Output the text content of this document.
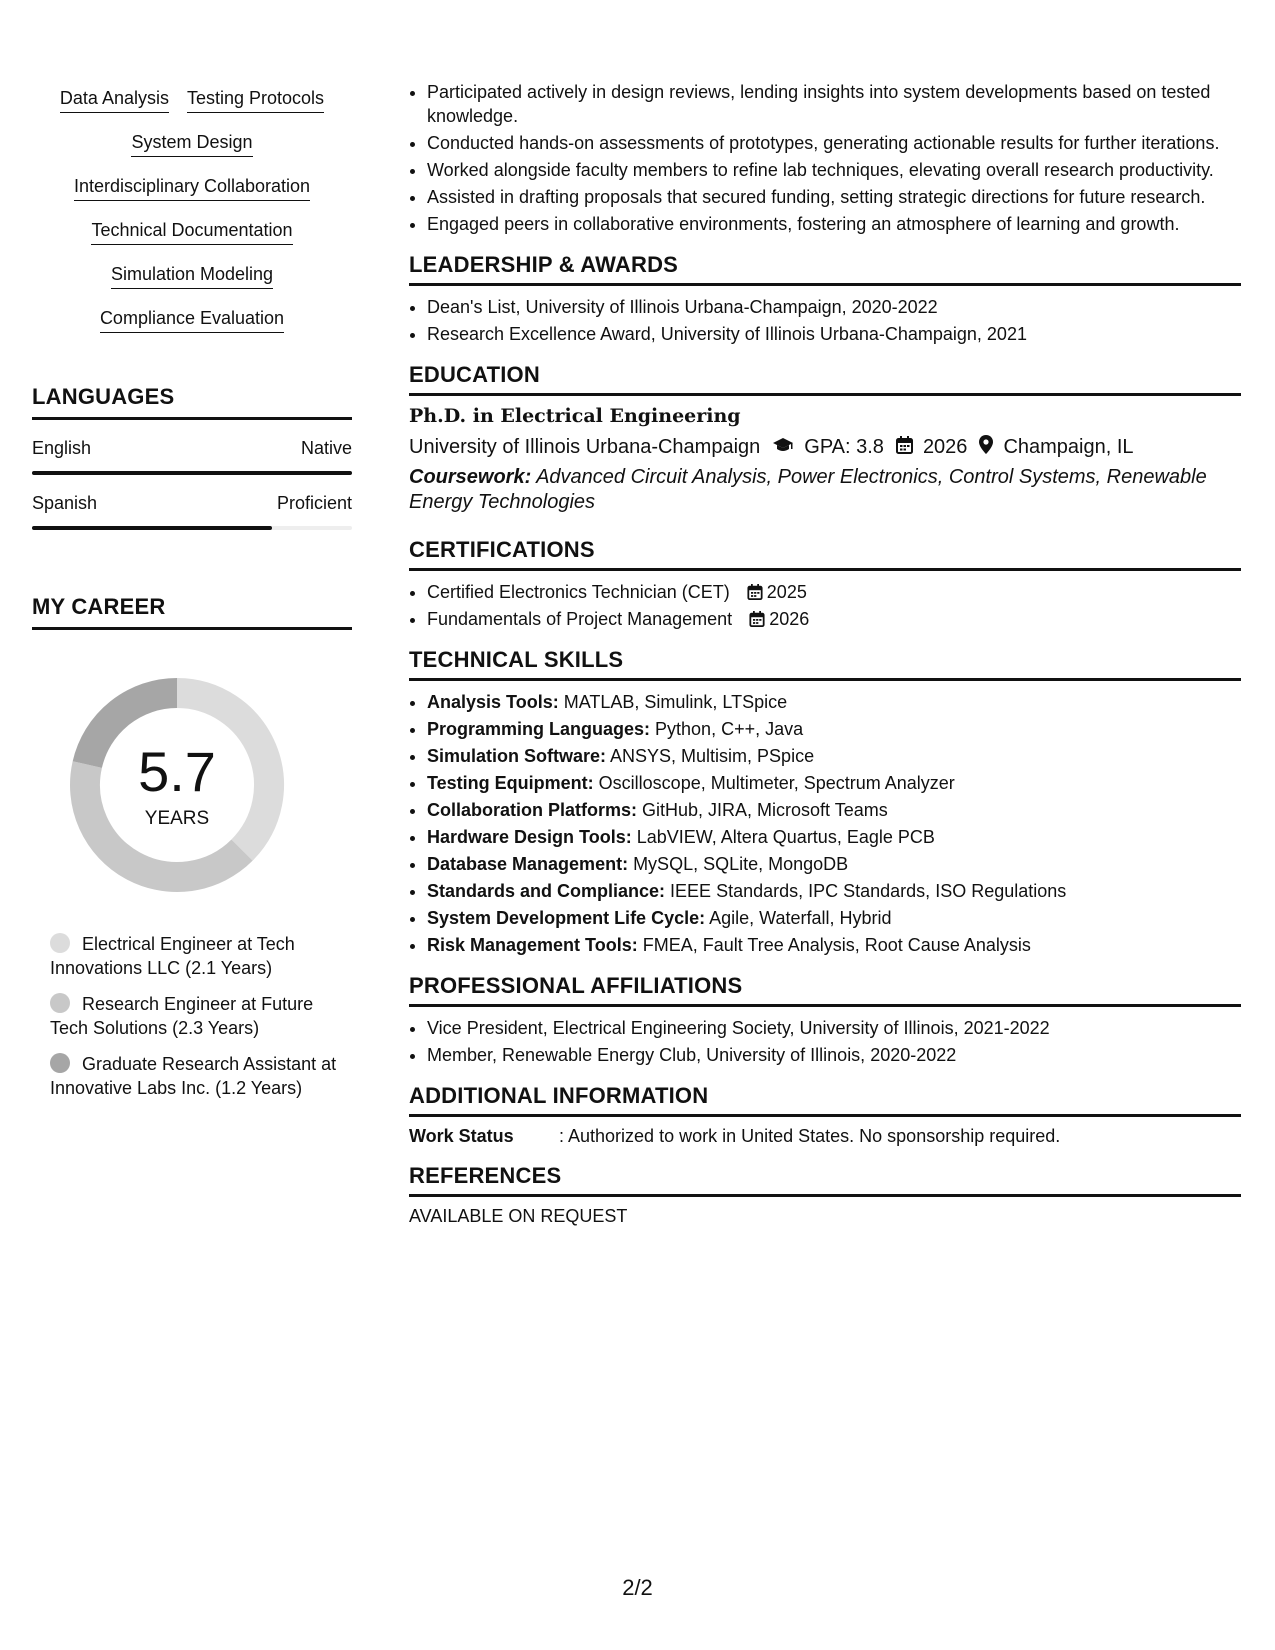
Data Analysis Testing Protocols
System Design
Interdisciplinary Collaboration
Technical Documentation
Simulation Modeling
Compliance Evaluation
LANGUAGES
English	Native
Spanish	Proficient
MY CAREER
5.7
YEARS
Electrical Engineer at Tech Innovations LLC (2.1 Years)
Research Engineer at Future Tech Solutions (2.3 Years)
Graduate Research Assistant at Innovative Labs Inc. (1.2 Years)
• Participated actively in design reviews, lending insights into system developments based on tested knowledge.
• Conducted hands-on assessments of prototypes, generating actionable results for further iterations.
• Worked alongside faculty members to refine lab techniques, elevating overall research productivity.
• Assisted in drafting proposals that secured funding, setting strategic directions for future research.
• Engaged peers in collaborative environments, fostering an atmosphere of learning and growth.
LEADERSHIP & AWARDS
• Dean's List, University of Illinois Urbana-Champaign, 2020-2022
• Research Excellence Award, University of Illinois Urbana-Champaign, 2021
EDUCATION
Ph.D. in Electrical Engineering
University of Illinois Urbana-Champaign GPA: 3.8 2026 Champaign, IL
Coursework: Advanced Circuit Analysis, Power Electronics, Control Systems, Renewable Energy Technologies
CERTIFICATIONS
• Certified Electronics Technician (CET) 2025
• Fundamentals of Project Management 2026
TECHNICAL SKILLS
• Analysis Tools: MATLAB, Simulink, LTSpice
• Programming Languages: Python, C++, Java
• Simulation Software: ANSYS, Multisim, PSpice
• Testing Equipment: Oscilloscope, Multimeter, Spectrum Analyzer
• Collaboration Platforms: GitHub, JIRA, Microsoft Teams
• Hardware Design Tools: LabVIEW, Altera Quartus, Eagle PCB
• Database Management: MySQL, SQLite, MongoDB
• Standards and Compliance: IEEE Standards, IPC Standards, ISO Regulations
• System Development Life Cycle: Agile, Waterfall, Hybrid
• Risk Management Tools: FMEA, Fault Tree Analysis, Root Cause Analysis
PROFESSIONAL AFFILIATIONS
• Vice President, Electrical Engineering Society, University of Illinois, 2021-2022
• Member, Renewable Energy Club, University of Illinois, 2020-2022
ADDITIONAL INFORMATION
Work Status	: Authorized to work in United States. No sponsorship required.
REFERENCES
AVAILABLE ON REQUEST
2/2
